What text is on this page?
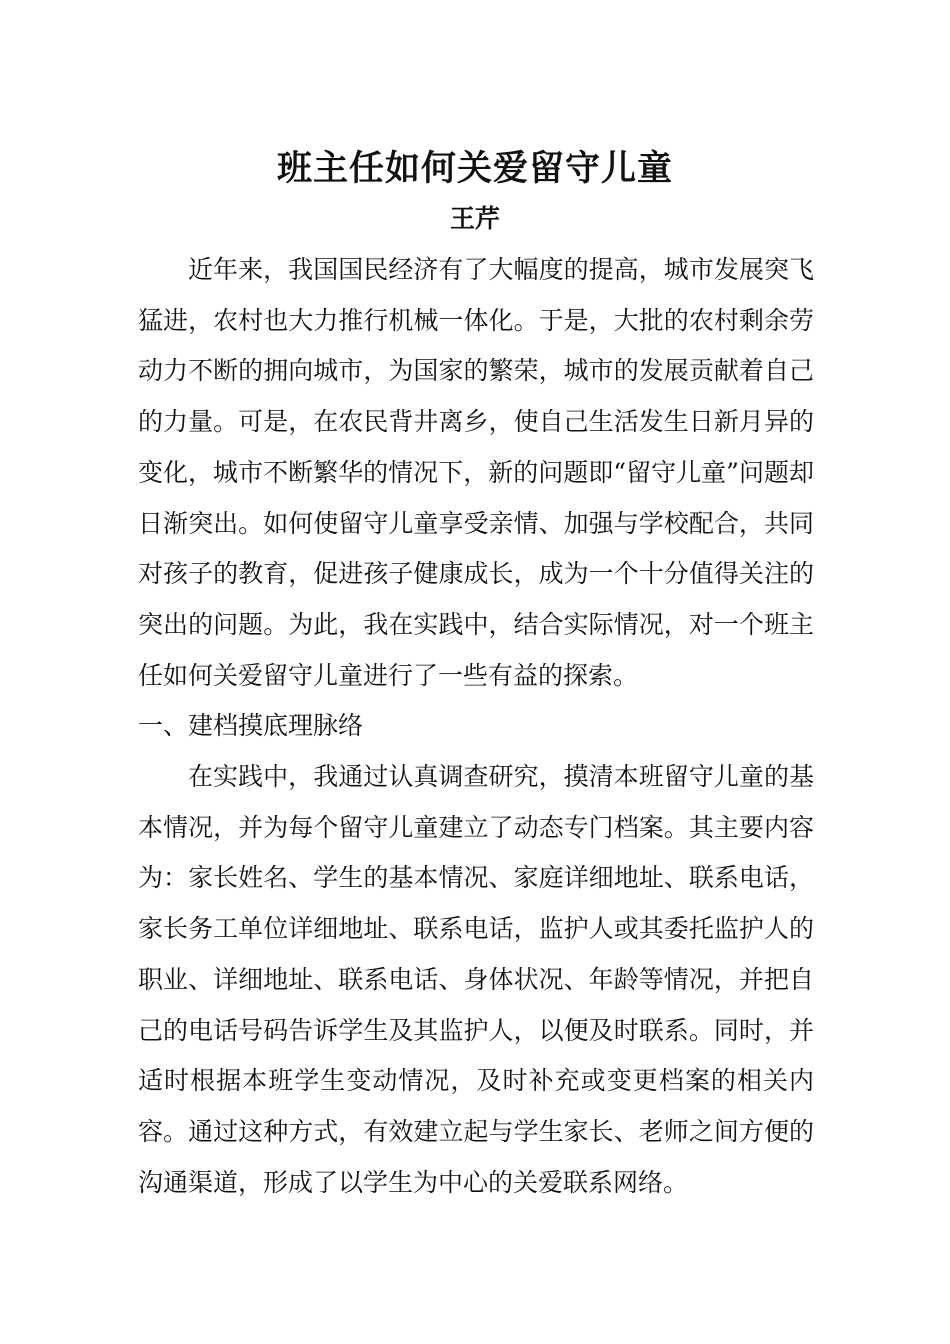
班主任如何关爱留守儿童
王芹

近年来，我国国民经济有了大幅度的提高，城市发展突飞猛进，农村也大力推行机械一体化。于是，大批的农村剩余劳动力不断的拥向城市，为国家的繁荣，城市的发展贡献着自己的力量。可是，在农民背井离乡，使自己生活发生日新月异的变化，城市不断繁华的情况下，新的问题即“留守儿童”问题却日渐突出。如何使留守儿童享受亲情、加强与学校配合，共同对孩子的教育，促进孩子健康成长，成为一个十分值得关注的突出的问题。为此，我在实践中，结合实际情况，对一个班主任如何关爱留守儿童进行了一些有益的探索。

一、建档摸底理脉络

在实践中，我通过认真调查研究，摸清本班留守儿童的基本情况，并为每个留守儿童建立了动态专门档案。其主要内容为：家长姓名、学生的基本情况、家庭详细地址、联系电话，家长务工单位详细地址、联系电话，监护人或其委托监护人的职业、详细地址、联系电话、身体状况、年龄等情况，并把自己的电话号码告诉学生及其监护人，以便及时联系。同时，并适时根据本班学生变动情况，及时补充或变更档案的相关内容。通过这种方式，有效建立起与学生家长、老师之间方便的沟通渠道，形成了以学生为中心的关爱联系网络。
